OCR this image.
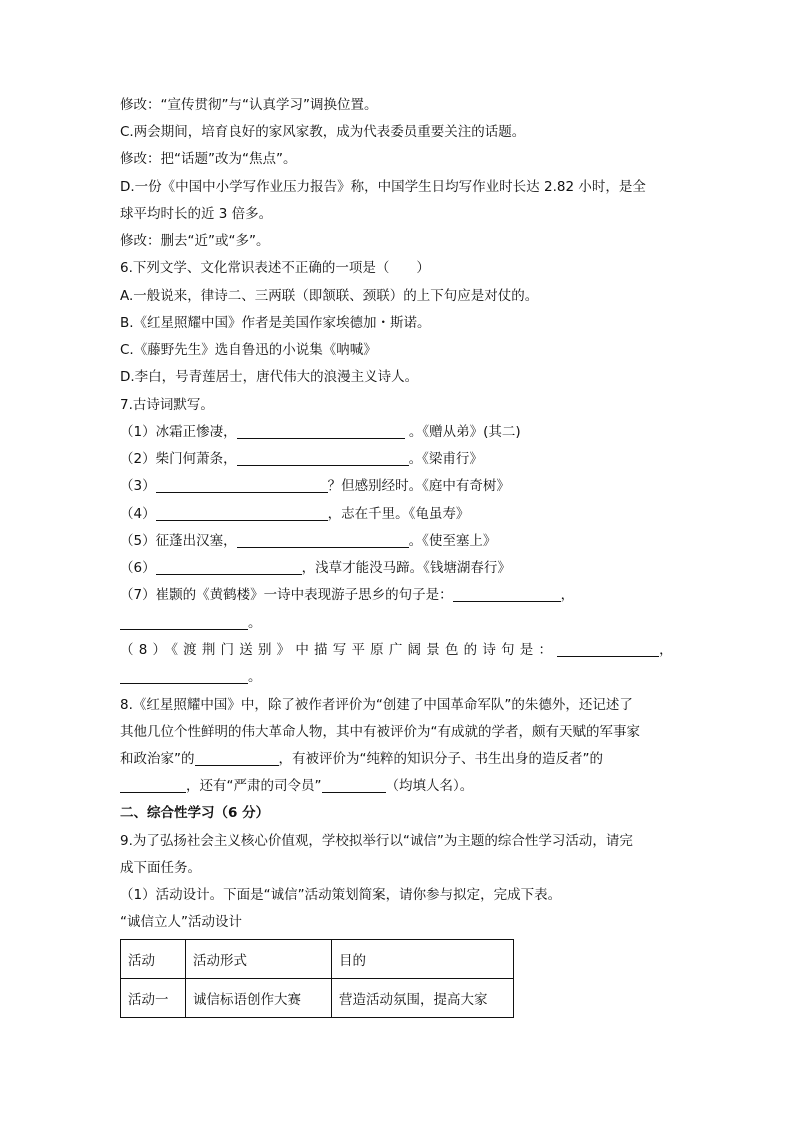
修改：“宣传贯彻”与“认真学习”调换位置。
C.两会期间，培育良好的家风家教，成为代表委员重要关注的话题。
修改：把“话题”改为“焦点”。
D.一份《中国中小学写作业压力报告》称，中国学生日均写作业时长达 2.82 小时，是全
球平均时长的近 3 倍多。
修改：删去“近”或“多”。
6.下列文学、文化常识表述不正确的一项是（　　）
A.一般说来，律诗二、三两联（即颔联、颈联）的上下句应是对仗的。
B.《红星照耀中国》作者是美国作家埃德加・斯诺。
C.《藤野先生》选自鲁迅的小说集《呐喊》
D.李白，号青莲居士，唐代伟大的浪漫主义诗人。
7.古诗词默写。
（1）冰霜正惨凄，	。《赠从弟》(其二)
（2）柴门何萧条，	。《梁甫行》
（3）	？但感别经时。《庭中有奇树》
（4）	，志在千里。《龟虽寿》
（5）征蓬出汉塞，	。《使至塞上》
（6）	，浅草才能没马蹄。《钱塘湖春行》
（7）崔颢的《黄鹤楼》一诗中表现游子思乡的句子是：	，
。
（8）《渡荆门送别》中描写平原广阔景色的诗句是：	，
。
8.《红星照耀中国》中，除了被作者评价为“创建了中国革命军队”的朱德外，还记述了
其他几位个性鲜明的伟大革命人物，其中有被评价为“有成就的学者，颇有天赋的军事家
和政治家”的	，有被评价为“纯粹的知识分子、书生出身的造反者”的
，还有“严肃的司令员”	（均填人名）。
二、综合性学习（6 分）
9.为了弘扬社会主义核心价值观，学校拟举行以“诚信”为主题的综合性学习活动，请完
成下面任务。
（1）活动设计。下面是“诚信”活动策划简案，请你参与拟定，完成下表。
“诚信立人”活动设计
活动	活动形式	目的
活动一	诚信标语创作大赛	营造活动氛围，提高大家
